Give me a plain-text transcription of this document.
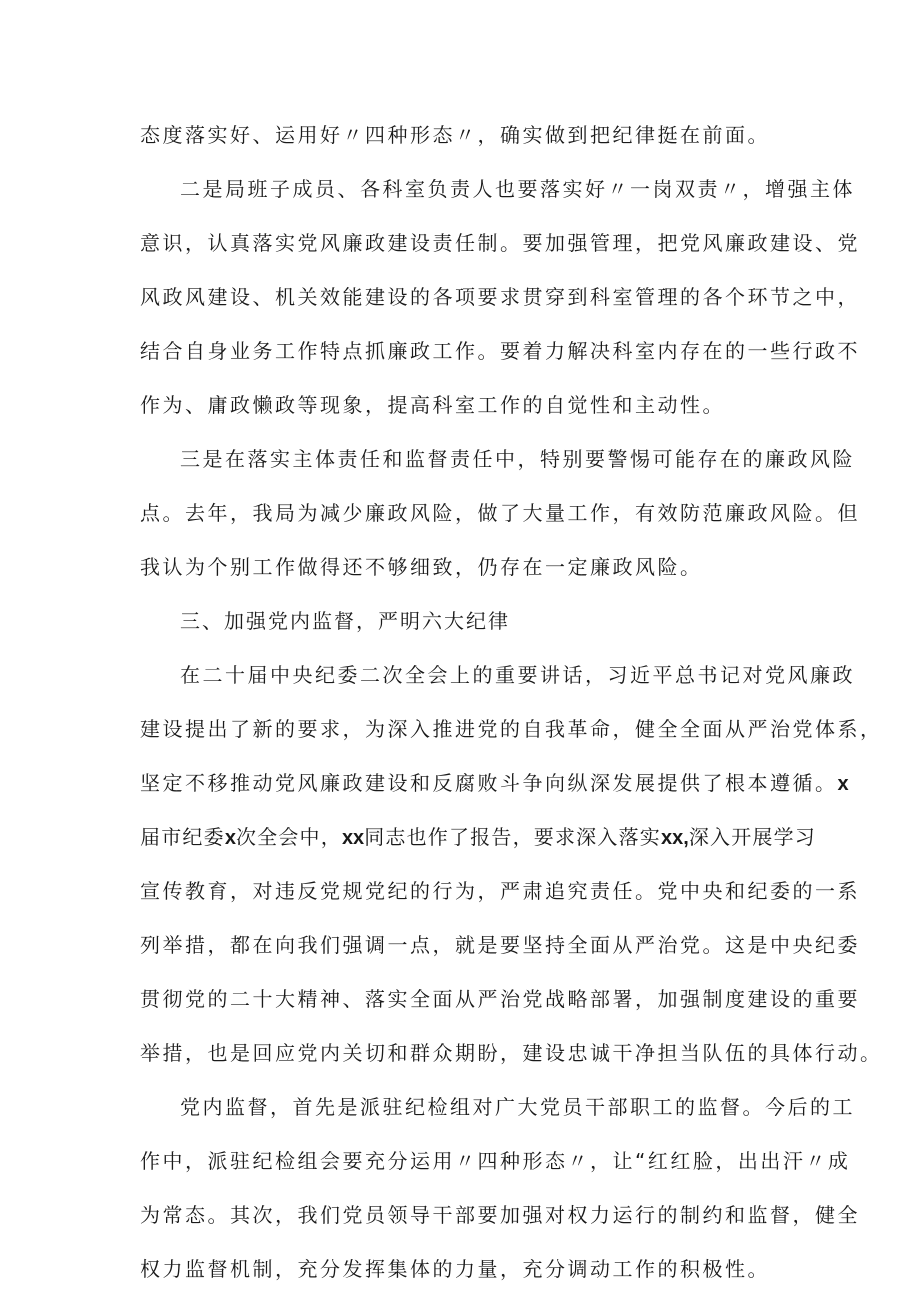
态度落实好、运用好〃四种形态〃，确实做到把纪律挺在前面。
二是局班子成员、各科室负责人也要落实好〃一岗双责〃，增强主体
意识，认真落实党风廉政建设责任制。要加强管理，把党风廉政建设、党
风政风建设、机关效能建设的各项要求贯穿到科室管理的各个环节之中，
结合自身业务工作特点抓廉政工作。要着力解决科室内存在的一些行政不
作为、庸政懒政等现象，提高科室工作的自觉性和主动性。
三是在落实主体责任和监督责任中，特别要警惕可能存在的廉政风险
点。去年，我局为减少廉政风险，做了大量工作，有效防范廉政风险。但
我认为个别工作做得还不够细致，仍存在一定廉政风险。
三、加强党内监督，严明六大纪律
在二十届中央纪委二次全会上的重要讲话，习近平总书记对党风廉政
建设提出了新的要求，为深入推进党的自我革命，健全全面从严治党体系，
坚定不移推动党风廉政建设和反腐败斗争向纵深发展提供了根本遵循。x
届市纪委x次全会中，xx同志也作了报告，要求深入落实xx,深入开展学习
宣传教育，对违反党规党纪的行为，严肃追究责任。党中央和纪委的一系
列举措，都在向我们强调一点，就是要坚持全面从严治党。这是中央纪委
贯彻党的二十大精神、落实全面从严治党战略部署，加强制度建设的重要
举措，也是回应党内关切和群众期盼，建设忠诚干净担当队伍的具体行动。
党内监督，首先是派驻纪检组对广大党员干部职工的监督。今后的工
作中，派驻纪检组会要充分运用〃四种形态〃，让“红红脸，出出汗〃成
为常态。其次，我们党员领导干部要加强对权力运行的制约和监督，健全
权力监督机制，充分发挥集体的力量，充分调动工作的积极性。
